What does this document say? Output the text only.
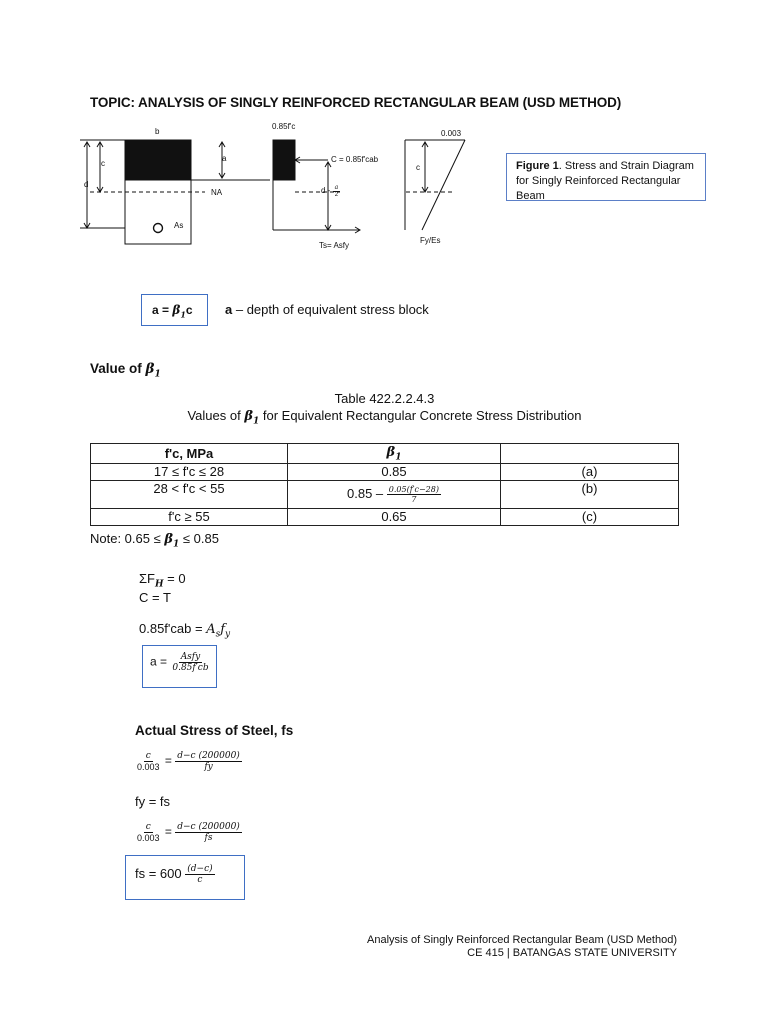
TOPIC: ANALYSIS OF SINGLY REINFORCED RECTANGULAR BEAM (USD METHOD)
b
c
d
a
NA
As
0.85f'c
0.003
C = 0.85f'cab
d - $\frac{a}{2}$
Ts= Asfy
c
Fy/Es
Figure 1. Stress and Strain Diagram for Singly Reinforced Rectangular Beam
$a = \beta_1c$	a – depth of equivalent stress block
Value of $\beta_1$
Table 422.2.2.4.3
Values of $\beta_1$ for Equivalent Rectangular Concrete Stress Distribution
f'c, MPa	$\beta_1$	
17 ≤ f'c ≤ 28	0.85	(a)
28 < f'c < 55	$0.85 - \frac{0.05(f'c-28)}{7}$	(b)
f'c ≥ 55	0.65	(c)
Note: $0.65 \le \beta_1 \le 0.85$
$\Sigma F_H = 0$
C = T
$0.85f'cab = A_sf_y$
$a = \frac{\text{Asfy}}{0.85f'cb}$
Actual Stress of Steel, fs
$\frac{c}{0.003} = \frac{d-c (200000)}{fy}$
fy = fs
$\frac{c}{0.003} = \frac{d-c (200000)}{fs}$
fs = $600 \frac{(d-c)}{c}$
Analysis of Singly Reinforced Rectangular Beam (USD Method)
CE 415 | BATANGAS STATE UNIVERSITY
